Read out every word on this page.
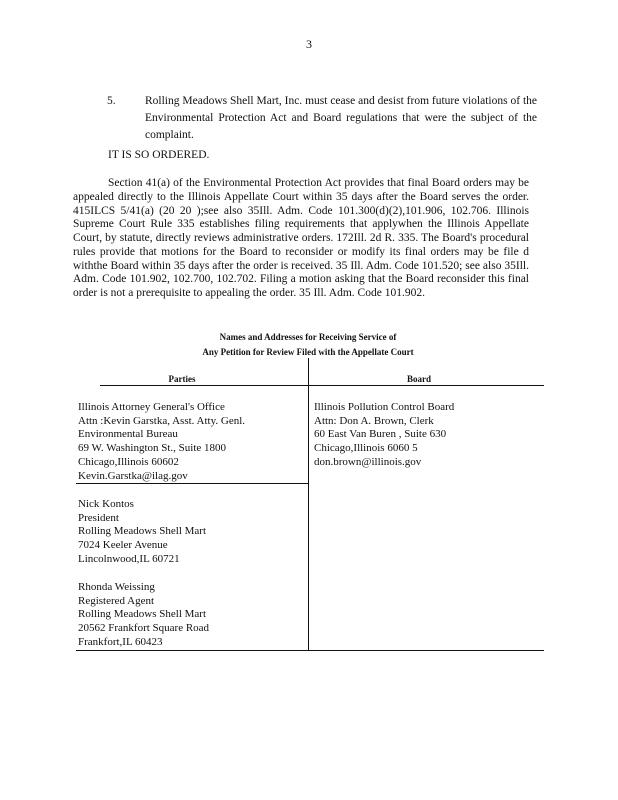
3
5.	Rolling Meadows Shell Mart, Inc. must cease and desist from future violations of the Environmental Protection Act and Board regulations that were the subject of the complaint.
IT IS SO ORDERED.
Section 41(a) of the Environmental Protection Act provides that final Board orders may be appealed directly to the Illinois Appellate Court within 35 days after the Board serves the order. 415ILCS 5/41(a) (20 20 );see also 35Ill. Adm. Code 101.300(d)(2),101.906, 102.706. Illinois Supreme Court Rule 335 establishes filing requirements that applywhen the Illinois Appellate Court, by statute, directly reviews administrative orders. 172Ill. 2d R. 335. The Board's procedural rules provide that motions for the Board to reconsider or modify its final orders may be file d withthe Board within 35 days after the order is received. 35 Ill. Adm. Code 101.520; see also 35Ill. Adm. Code 101.902, 102.700, 102.702. Filing a motion asking that the Board reconsider this final order is not a prerequisite to appealing the order. 35 Ill. Adm. Code 101.902.
Names and Addresses for Receiving Service of
Any Petition for Review Filed with the Appellate Court
Parties	Board
Illinois Attorney General's Office
Attn :Kevin Garstka, Asst. Atty. Genl.
Environmental Bureau
69 W. Washington St., Suite 1800
Chicago,Illinois 60602
Kevin.Garstka@ilag.gov
Nick Kontos
President
Rolling Meadows Shell Mart
7024 Keeler Avenue
Lincolnwood,IL 60721
Rhonda Weissing
Registered Agent
Rolling Meadows Shell Mart
20562 Frankfort Square Road
Frankfort,IL 60423
Illinois Pollution Control Board
Attn: Don A. Brown, Clerk
60 East Van Buren , Suite 630
Chicago,Illinois 6060 5
don.brown@illinois.gov
